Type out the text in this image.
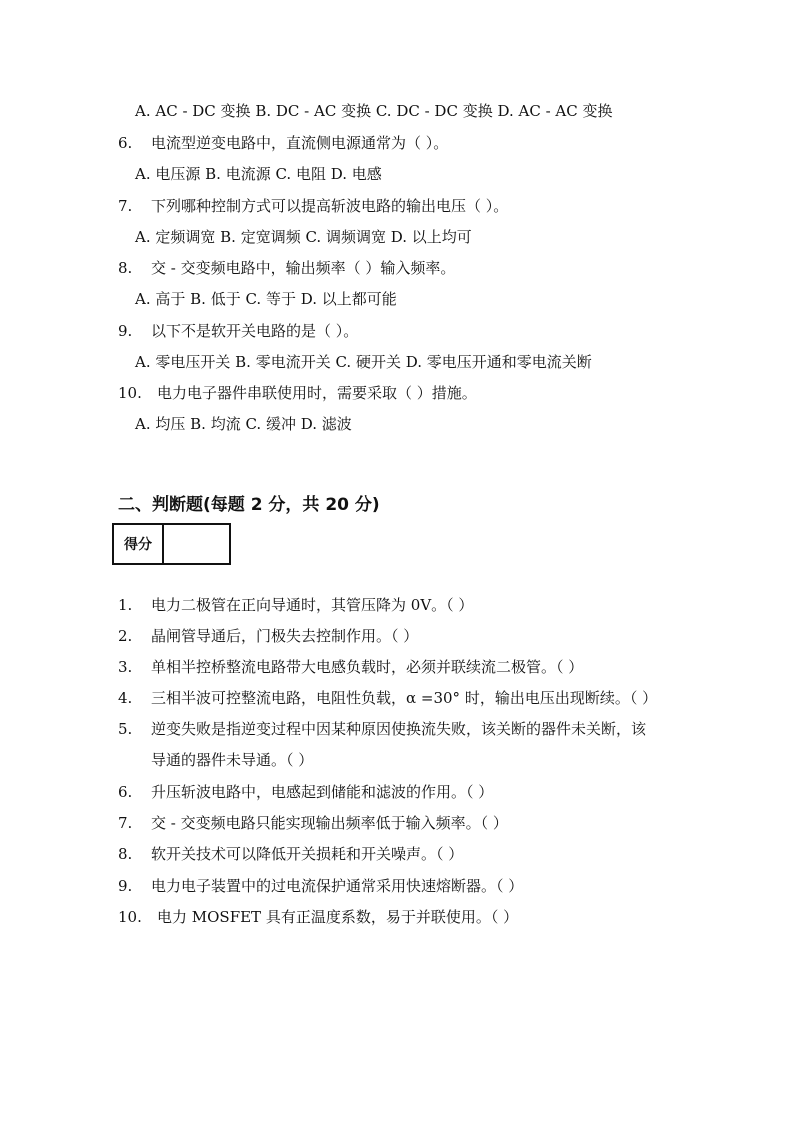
A. AC - DC 变换 B. DC - AC 变换 C. DC - DC 变换 D. AC - AC 变换
6. 电流型逆变电路中，直流侧电源通常为（ ）。
A. 电压源 B. 电流源 C. 电阻 D. 电感
7. 下列哪种控制方式可以提高斩波电路的输出电压（ ）。
A. 定频调宽 B. 定宽调频 C. 调频调宽 D. 以上均可
8. 交 - 交变频电路中，输出频率（ ）输入频率。
A. 高于 B. 低于 C. 等于 D. 以上都可能
9. 以下不是软开关电路的是（ ）。
A. 零电压开关 B. 零电流开关 C. 硬开关 D. 零电压开通和零电流关断
10. 电力电子器件串联使用时，需要采取（ ）措施。
A. 均压 B. 均流 C. 缓冲 D. 滤波
二、判断题(每题 2 分，共 20 分)
得分
1. 电力二极管在正向导通时，其管压降为 0V。（ ）
2. 晶闸管导通后，门极失去控制作用。（ ）
3. 单相半控桥整流电路带大电感负载时，必须并联续流二极管。（ ）
4. 三相半波可控整流电路，电阻性负载，α =30° 时，输出电压出现断续。（ ）
5. 逆变失败是指逆变过程中因某种原因使换流失败，该关断的器件未关断，该
导通的器件未导通。（ ）
6. 升压斩波电路中，电感起到储能和滤波的作用。（ ）
7. 交 - 交变频电路只能实现输出频率低于输入频率。（ ）
8. 软开关技术可以降低开关损耗和开关噪声。（ ）
9. 电力电子装置中的过电流保护通常采用快速熔断器。（ ）
10. 电力 MOSFET 具有正温度系数，易于并联使用。（ ）
